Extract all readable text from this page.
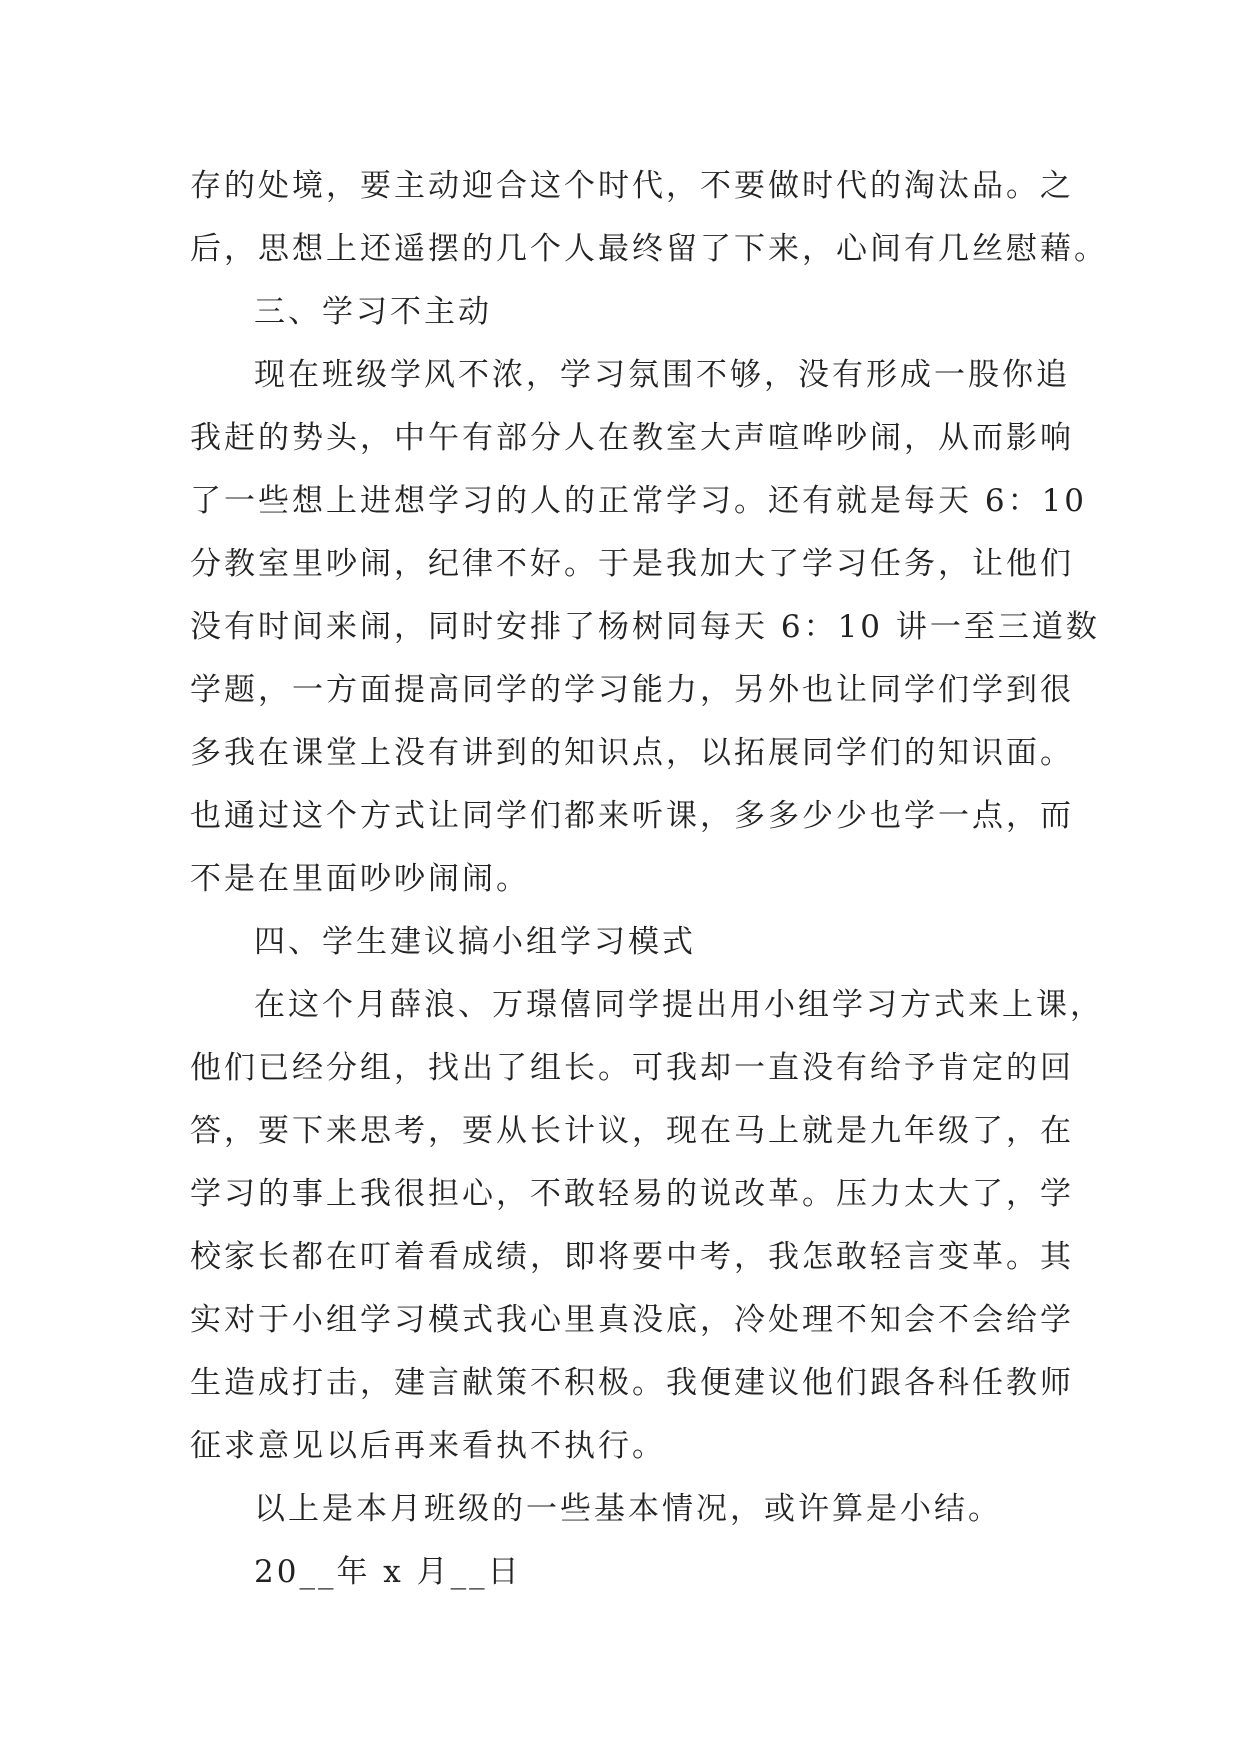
存的处境，要主动迎合这个时代，不要做时代的淘汰品。之
后，思想上还遥摆的几个人最终留了下来，心间有几丝慰藉。
三、学习不主动
现在班级学风不浓，学习氛围不够，没有形成一股你追
我赶的势头，中午有部分人在教室大声喧哗吵闹，从而影响
了一些想上进想学习的人的正常学习。还有就是每天 6：10
分教室里吵闹，纪律不好。于是我加大了学习任务，让他们
没有时间来闹，同时安排了杨树同每天 6：10 讲一至三道数
学题，一方面提高同学的学习能力，另外也让同学们学到很
多我在课堂上没有讲到的知识点，以拓展同学们的知识面。
也通过这个方式让同学们都来听课，多多少少也学一点，而
不是在里面吵吵闹闹。
四、学生建议搞小组学习模式
在这个月薛浪、万璟僖同学提出用小组学习方式来上课，
他们已经分组，找出了组长。可我却一直没有给予肯定的回
答，要下来思考，要从长计议，现在马上就是九年级了，在
学习的事上我很担心，不敢轻易的说改革。压力太大了，学
校家长都在叮着看成绩，即将要中考，我怎敢轻言变革。其
实对于小组学习模式我心里真没底，冷处理不知会不会给学
生造成打击，建言献策不积极。我便建议他们跟各科任教师
征求意见以后再来看执不执行。
以上是本月班级的一些基本情况，或许算是小结。
20__年 x 月__日
